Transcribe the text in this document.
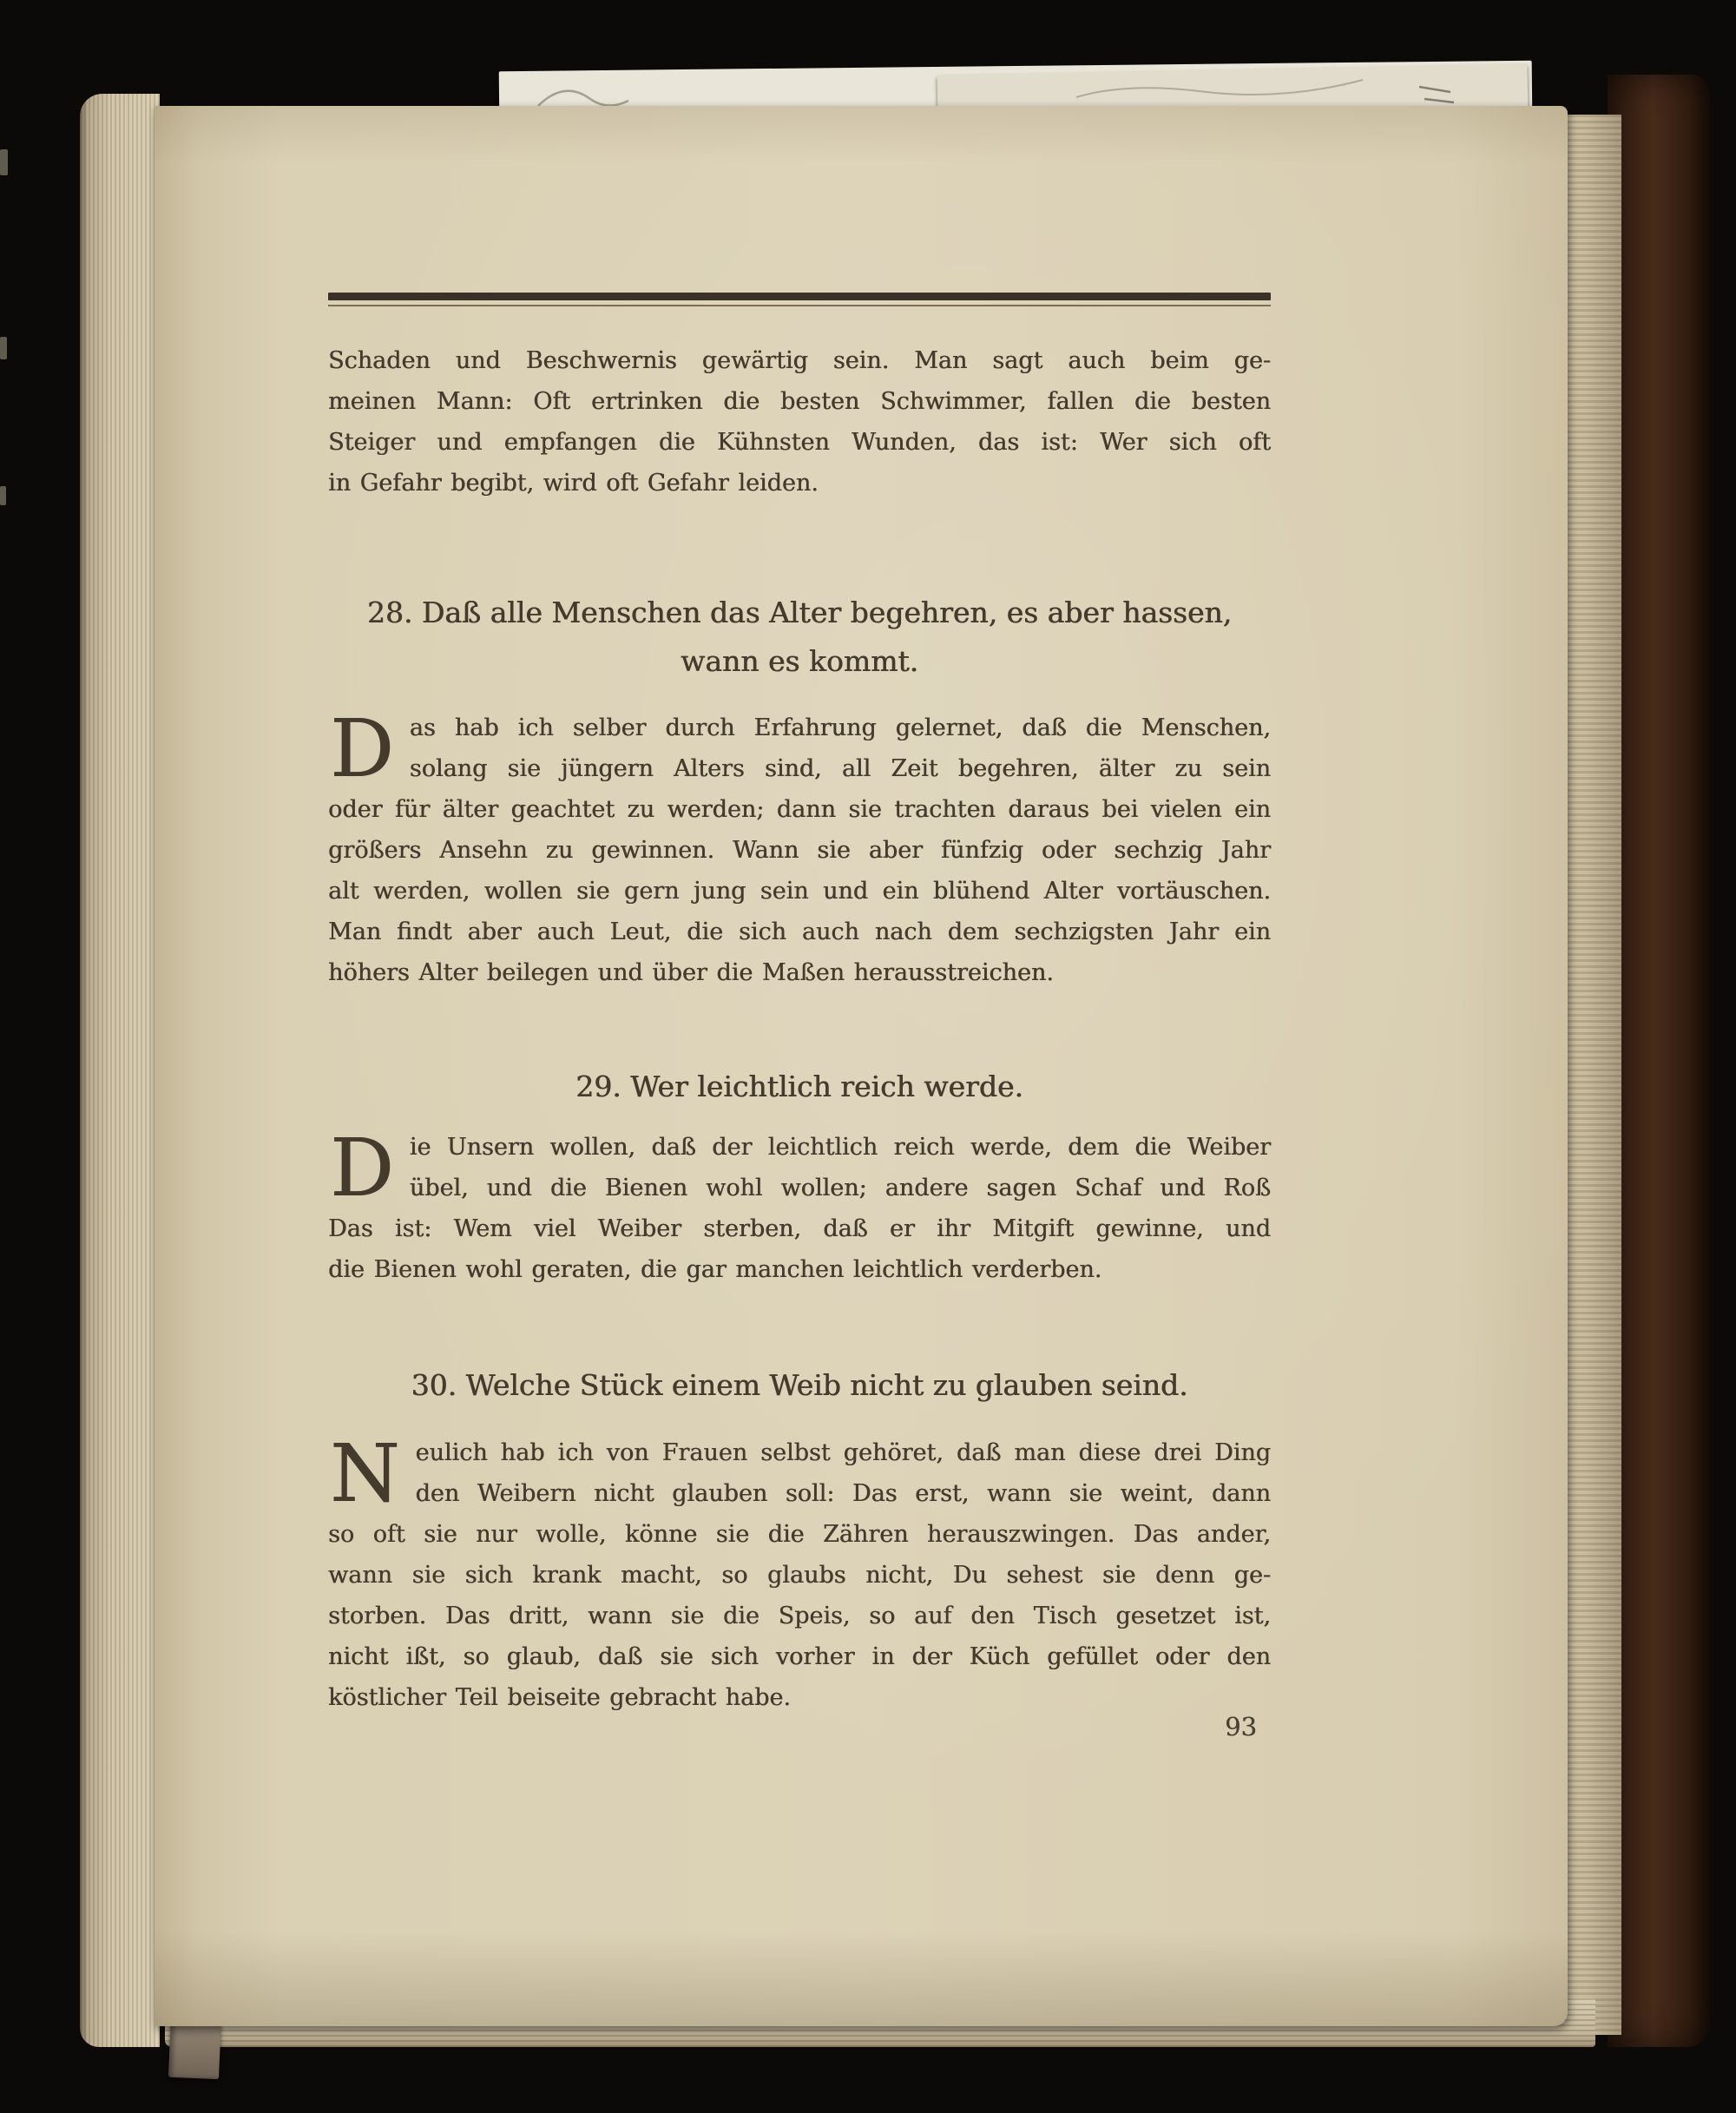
Schaden und Beschwernis gewärtig sein. Man sagt auch beim ge-
meinen Mann: Oft ertrinken die besten Schwimmer, fallen die besten
Steiger und empfangen die Kühnsten Wunden, das ist: Wer sich oft
in Gefahr begibt, wird oft Gefahr leiden.
28. Daß alle Menschen das Alter begehren, es aber hassen,
wann es kommt.
D as hab ich selber durch Erfahrung gelernet, daß die Menschen,
solang sie jüngern Alters sind, all Zeit begehren, älter zu sein
oder für älter geachtet zu werden; dann sie trachten daraus bei vielen ein
größers Ansehn zu gewinnen. Wann sie aber fünfzig oder sechzig Jahr
alt werden, wollen sie gern jung sein und ein blühend Alter vortäuschen.
Man findt aber auch Leut, die sich auch nach dem sechzigsten Jahr ein
höhers Alter beilegen und über die Maßen herausstreichen.
29. Wer leichtlich reich werde.
D ie Unsern wollen, daß der leichtlich reich werde, dem die Weiber
übel, und die Bienen wohl wollen; andere sagen Schaf und Roß
Das ist: Wem viel Weiber sterben, daß er ihr Mitgift gewinne, und
die Bienen wohl geraten, die gar manchen leichtlich verderben.
30. Welche Stück einem Weib nicht zu glauben seind.
N eulich hab ich von Frauen selbst gehöret, daß man diese drei Ding
den Weibern nicht glauben soll: Das erst, wann sie weint, dann
so oft sie nur wolle, könne sie die Zähren herauszwingen. Das ander,
wann sie sich krank macht, so glaubs nicht, Du sehest sie denn ge-
storben. Das dritt, wann sie die Speis, so auf den Tisch gesetzet ist,
nicht ißt, so glaub, daß sie sich vorher in der Küch gefüllet oder den
köstlicher Teil beiseite gebracht habe.
93
